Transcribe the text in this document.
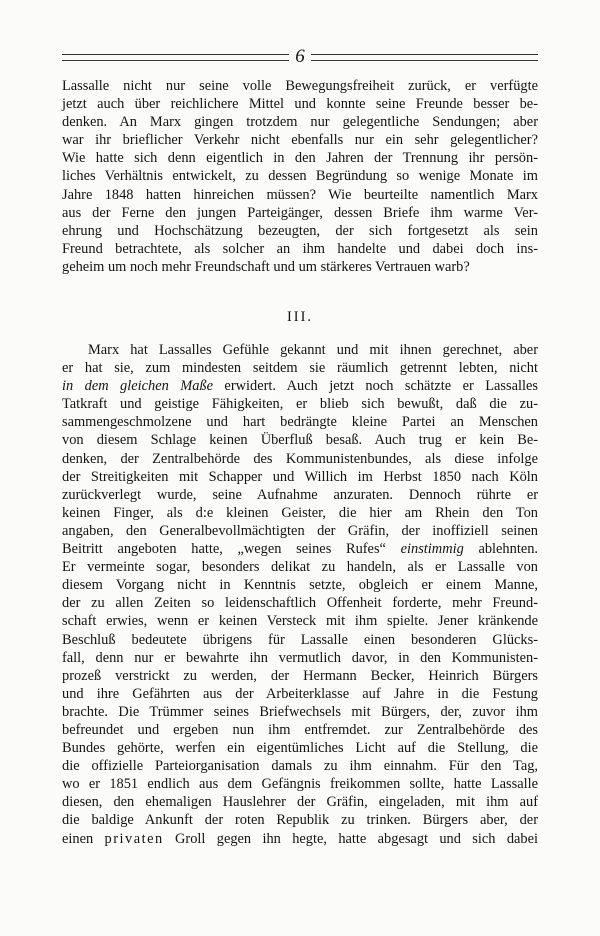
6
Lassalle nicht nur seine volle Bewegungsfreiheit zurück, er verfügte
jetzt auch über reichlichere Mittel und konnte seine Freunde besser be-
denken. An Marx gingen trotzdem nur gelegentliche Sendungen; aber
war ihr brieflicher Verkehr nicht ebenfalls nur ein sehr gelegentlicher?
Wie hatte sich denn eigentlich in den Jahren der Trennung ihr persön-
liches Verhältnis entwickelt, zu dessen Begründung so wenige Monate im
Jahre 1848 hatten hinreichen müssen? Wie beurteilte namentlich Marx
aus der Ferne den jungen Parteigänger, dessen Briefe ihm warme Ver-
ehrung und Hochschätzung bezeugten, der sich fortgesetzt als sein
Freund betrachtete, als solcher an ihm handelte und dabei doch ins-
geheim um noch mehr Freundschaft und um stärkeres Vertrauen warb?

III.

Marx hat Lassalles Gefühle gekannt und mit ihnen gerechnet, aber
er hat sie, zum mindesten seitdem sie räumlich getrennt lebten, nicht
in dem gleichen Maße erwidert. Auch jetzt noch schätzte er Lassalles
Tatkraft und geistige Fähigkeiten, er blieb sich bewußt, daß die zu-
sammengeschmolzene und hart bedrängte kleine Partei an Menschen
von diesem Schlage keinen Überfluß besaß. Auch trug er kein Be-
denken, der Zentralbehörde des Kommunistenbundes, als diese infolge
der Streitigkeiten mit Schapper und Willich im Herbst 1850 nach Köln
zurückverlegt wurde, seine Aufnahme anzuraten. Dennoch rührte er
keinen Finger, als d:e kleinen Geister, die hier am Rhein den Ton
angaben, den Generalbevollmächtigten der Gräfin, der inoffiziell seinen
Beitritt angeboten hatte, „wegen seines Rufes“ einstimmig ablehnten.
Er vermeinte sogar, besonders delikat zu handeln, als er Lassalle von
diesem Vorgang nicht in Kenntnis setzte, obgleich er einem Manne,
der zu allen Zeiten so leidenschaftlich Offenheit forderte, mehr Freund-
schaft erwies, wenn er keinen Versteck mit ihm spielte. Jener kränkende
Beschluß bedeutete übrigens für Lassalle einen besonderen Glücks-
fall, denn nur er bewahrte ihn vermutlich davor, in den Kommunisten-
prozeß verstrickt zu werden, der Hermann Becker, Heinrich Bürgers
und ihre Gefährten aus der Arbeiterklasse auf Jahre in die Festung
brachte. Die Trümmer seines Briefwechsels mit Bürgers, der, zuvor ihm
befreundet und ergeben nun ihm entfremdet. zur Zentralbehörde des
Bundes gehörte, werfen ein eigentümliches Licht auf die Stellung, die
die offizielle Parteiorganisation damals zu ihm einnahm. Für den Tag,
wo er 1851 endlich aus dem Gefängnis freikommen sollte, hatte Lassalle
diesen, den ehemaligen Hauslehrer der Gräfin, eingeladen, mit ihm auf
die baldige Ankunft der roten Republik zu trinken. Bürgers aber, der
einen privaten Groll gegen ihn hegte, hatte abgesagt und sich dabei
